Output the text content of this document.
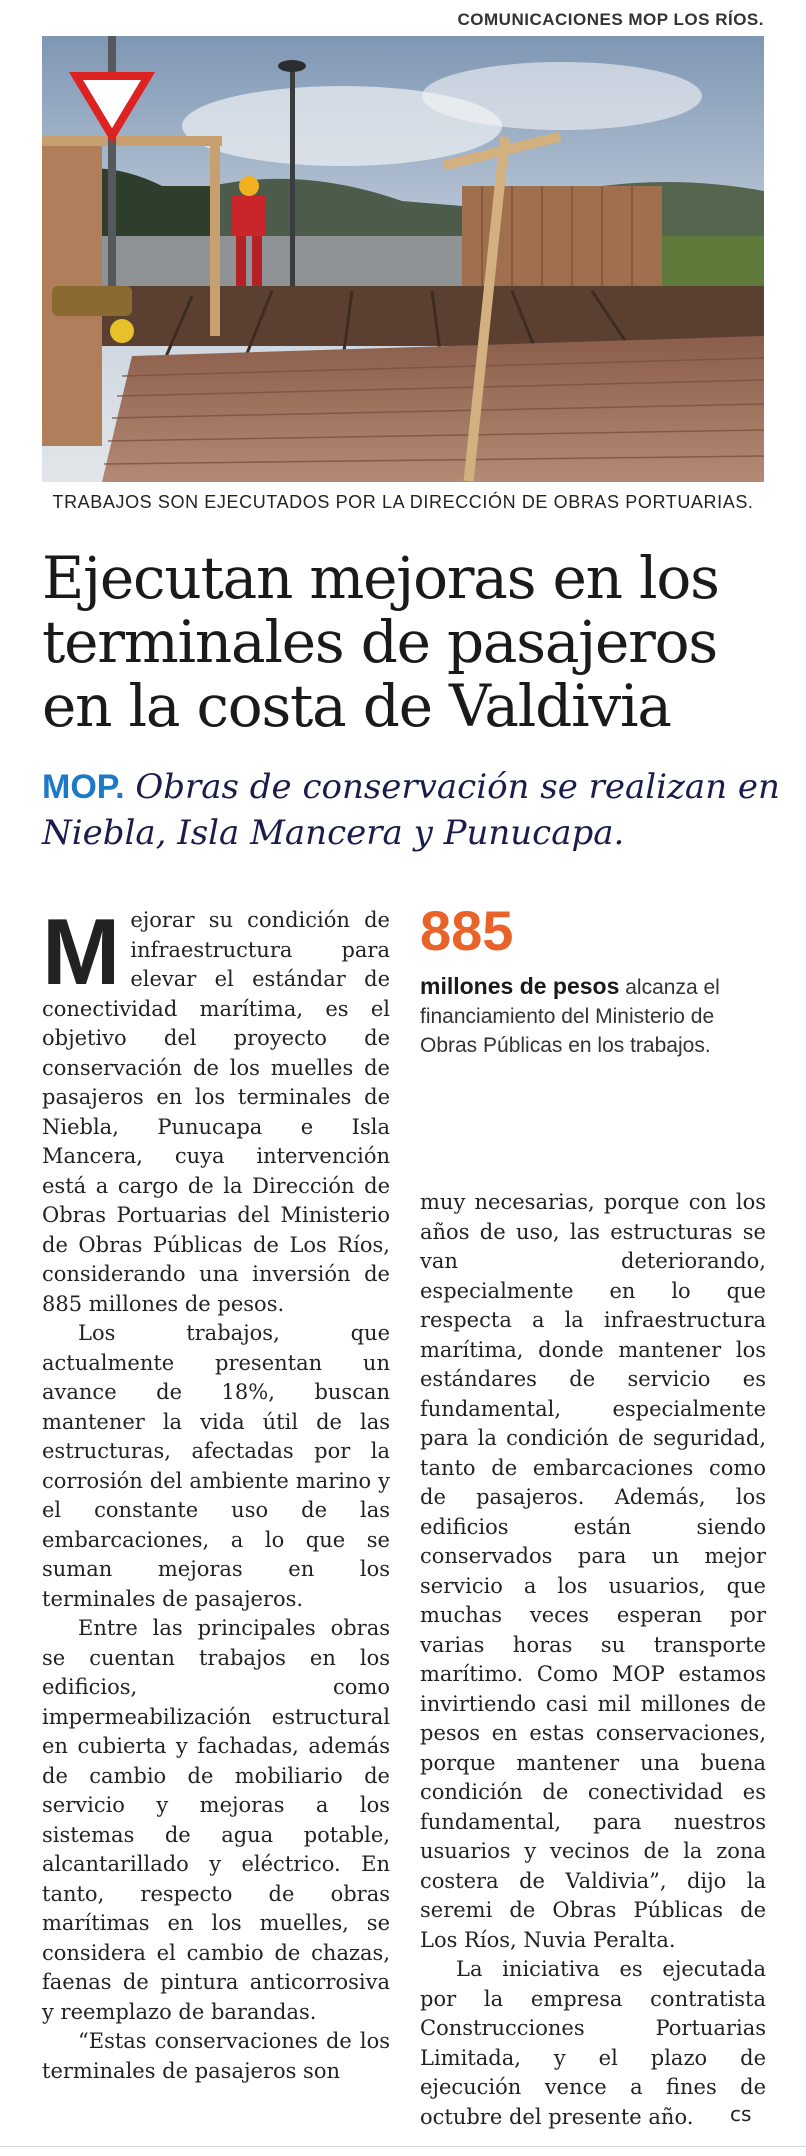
COMUNICACIONES MOP LOS RÍOS.
TRABAJOS SON EJECUTADOS POR LA DIRECCIÓN DE OBRAS PORTUARIAS.
Ejecutan mejoras en los terminales de pasajeros en la costa de Valdivia
MOP. Obras de conservación se realizan en Niebla, Isla Mancera y Punucapa.

Mejorar su condición de infraestructura para elevar el estándar de conectividad marítima, es el objetivo del proyecto de conservación de los muelles de pasajeros en los terminales de Niebla, Punucapa e Isla Mancera, cuya intervención está a cargo de la Dirección de Obras Portuarias del Ministerio de Obras Públicas de Los Ríos, considerando una inversión de 885 millones de pesos.

Los trabajos, que actualmente presentan un avance de 18%, buscan mantener la vida útil de las estructuras, afectadas por la corrosión del ambiente marino y el constante uso de las embarcaciones, a lo que se suman mejoras en los terminales de pasajeros.

Entre las principales obras se cuentan trabajos en los edificios, como impermeabilización estructural en cubierta y fachadas, además de cambio de mobiliario de servicio y mejoras a los sistemas de agua potable, alcantarillado y eléctrico. En tanto, respecto de obras marítimas en los muelles, se considera el cambio de chazas, faenas de pintura anticorrosiva y reemplazo de barandas.

“Estas conservaciones de los terminales de pasajeros son

885
millones de pesos alcanza el financiamiento del Ministerio de Obras Públicas en los trabajos.

muy necesarias, porque con los años de uso, las estructuras se van deteriorando, especialmente en lo que respecta a la infraestructura marítima, donde mantener los estándares de servicio es fundamental, especialmente para la condición de seguridad, tanto de embarcaciones como de pasajeros. Además, los edificios están siendo conservados para un mejor servicio a los usuarios, que muchas veces esperan por varias horas su transporte marítimo. Como MOP estamos invirtiendo casi mil millones de pesos en estas conservaciones, porque mantener una buena condición de conectividad es fundamental, para nuestros usuarios y vecinos de la zona costera de Valdivia”, dijo la seremi de Obras Públicas de Los Ríos, Nuvia Peralta.

La iniciativa es ejecutada por la empresa contratista Construcciones Portuarias Limitada, y el plazo de ejecución vence a fines de octubre del presente año.	cs
